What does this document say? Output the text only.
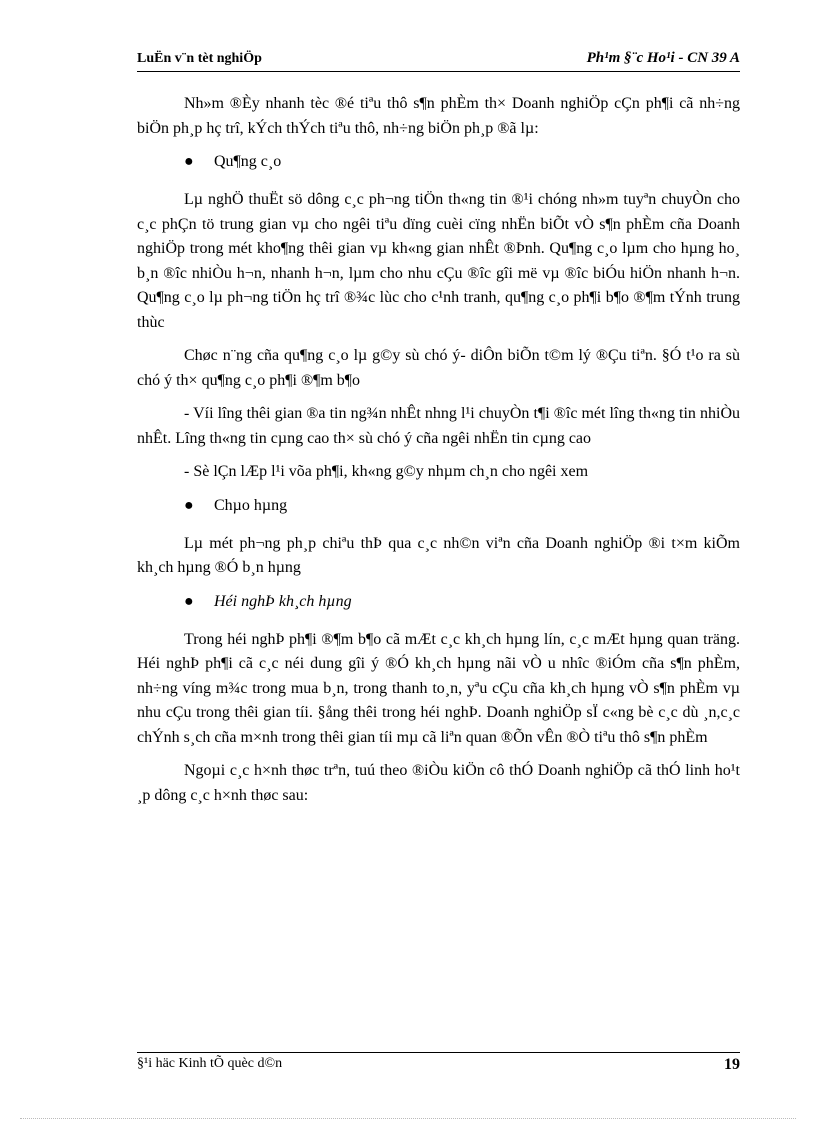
LuËn v¨n tèt nghiÖp	Ph¹m §¨c Ho¹i - CN 39 A

Nh»m ®Èy nhanh tèc ®é tiªu thô s¶n phÈm th× Doanh nghiÖp cÇn ph¶i cã nh÷ng biÖn ph¸p hç trî, kÝch thÝch tiªu thô, nh÷ng biÖn ph¸p ®ã lµ:

● Qu¶ng c¸o

Lµ nghÖ thuËt sö dông c¸c ph¬ng tiÖn th«ng tin ®¹i chóng nh»m tuyªn chuyÒn cho c¸c phÇn tö trung gian vµ cho ngêi tiªu dïng cuèi cïng nhËn biÕt vÒ s¶n phÈm cña Doanh nghiÖp trong mét kho¶ng thêi gian vµ kh«ng gian nhÊt ®Þnh. Qu¶ng c¸o lµm cho hµng ho¸ b¸n ®îc nhiÒu h¬n, nhanh h¬n, lµm cho nhu cÇu ®îc gîi më vµ ®îc biÓu hiÖn nhanh h¬n. Qu¶ng c¸o lµ ph¬ng tiÖn hç trî ®¾c lùc cho c¹nh tranh, qu¶ng c¸o ph¶i b¶o ®¶m tÝnh trung thùc

Chøc n¨ng cña qu¶ng c¸o lµ g©y sù chó ý- diÔn biÕn t©m lý ®Çu tiªn. §Ó t¹o ra sù chó ý th× qu¶ng c¸o ph¶i ®¶m b¶o

- Víi lîng thêi gian ®a tin ng¾n nhÊt nhng l¹i chuyÒn t¶i ®îc mét lîng th«ng tin nhiÒu nhÊt. Lîng th«ng tin cµng cao th× sù chó ý cña ngêi nhËn tin cµng cao

- Sè lÇn lÆp l¹i võa ph¶i, kh«ng g©y nhµm ch¸n cho ngêi xem

● Chµo hµng

Lµ mét ph¬ng ph¸p chiªu thÞ qua c¸c nh©n viªn cña Doanh nghiÖp ®i t×m kiÕm kh¸ch hµng ®Ó b¸n hµng

● Héi nghÞ kh¸ch hµng

Trong héi nghÞ ph¶i ®¶m b¶o cã mÆt c¸c kh¸ch hµng lín, c¸c mÆt hµng quan träng. Héi nghÞ ph¶i cã c¸c néi dung gîi ý ®Ó kh¸ch hµng nãi vÒ u nhîc ®iÓm cña s¶n phÈm, nh÷ng víng m¾c trong mua b¸n, trong thanh to¸n, yªu cÇu cña kh¸ch hµng vÒ s¶n phÈm vµ nhu cÇu trong thêi gian tíi. §ång thêi trong héi nghÞ. Doanh nghiÖp sÏ c«ng bè c¸c dù ¸n,c¸c chÝnh s¸ch cña m×nh trong thêi gian tíi mµ cã liªn quan ®Õn vÊn ®Ò tiªu thô s¶n phÈm

Ngoµi c¸c h×nh thøc trªn, tuú theo ®iÒu kiÖn cô thÓ Doanh nghiÖp cã thÓ linh ho¹t ¸p dông c¸c h×nh thøc sau:

§¹i häc Kinh tÕ quèc d©n	19
